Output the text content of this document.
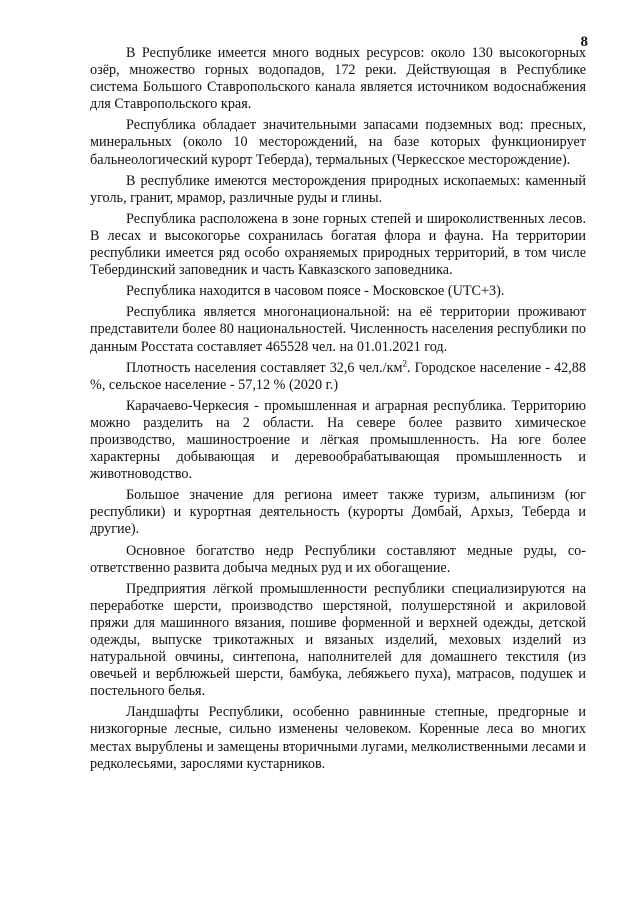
8

В Республике имеется много водных ресурсов: около 130 высокогорных озёр, множество горных водопадов, 172 реки. Действующая в Республике система Большого Ставропольского канала является источником водоснабжения для Ставропольского края.

Республика обладает значительными запасами подземных вод: пресных, минеральных (около 10 месторождений, на базе которых функционирует бальнеологический курорт Теберда), термальных (Черкесское месторождение).

В республике имеются месторождения природных ископаемых: каменный уголь, гранит, мрамор, различные руды и глины.

Республика расположена в зоне горных степей и широколиственных лесов. В лесах и высокогорье сохранилась богатая флора и фауна. На территории республики имеется ряд особо охраняемых природных территорий, в том числе Тебердинский заповедник и часть Кавказского заповедника.

Республика находится в часовом поясе - Московское (UTC+3).

Республика является многонациональной: на её территории проживают представители более 80 национальностей. Численность населения республики по данным Росстата составляет 465528 чел. на 01.01.2021 год.

Плотность населения составляет 32,6 $чел./км^2$. Городское население - 42,88 %, сельское население - 57,12 % (2020 г.)

Карачаево-Черкесия - промышленная и аграрная республика. Территорию можно разделить на 2 области. На севере более развито химическое производство, машиностроение и лёгкая промышленность. На юге более характерны добывающая и деревообрабатывающая промышленность и животноводство.

Большое значение для региона имеет также туризм, альпинизм (юг республики) и курортная деятельность (курорты Домбай, Архыз, Теберда и другие).

Основное богатство недр Республики составляют медные руды, соответственно развита добыча медных руд и их обогащение.

Предприятия лёгкой промышленности республики специализируются на переработке шерсти, производство шерстяной, полушерстяной и акриловой пряжи для машинного вязания, пошиве форменной и верхней одежды, детской одежды, выпуске трикотажных и вязаных изделий, меховых изделий из натуральной овчины, синтепона, наполнителей для домашнего текстиля (из овечьей и верблюжьей шерсти, бамбука, лебяжьего пуха), матрасов, подушек и постельного белья.

Ландшафты Республики, особенно равнинные степные, предгорные и низкогорные лесные, сильно изменены человеком. Коренные леса во многих местах вырублены и замещены вторичными лугами, мелколиственными лесами и редколесьями, зарослями кустарников.
